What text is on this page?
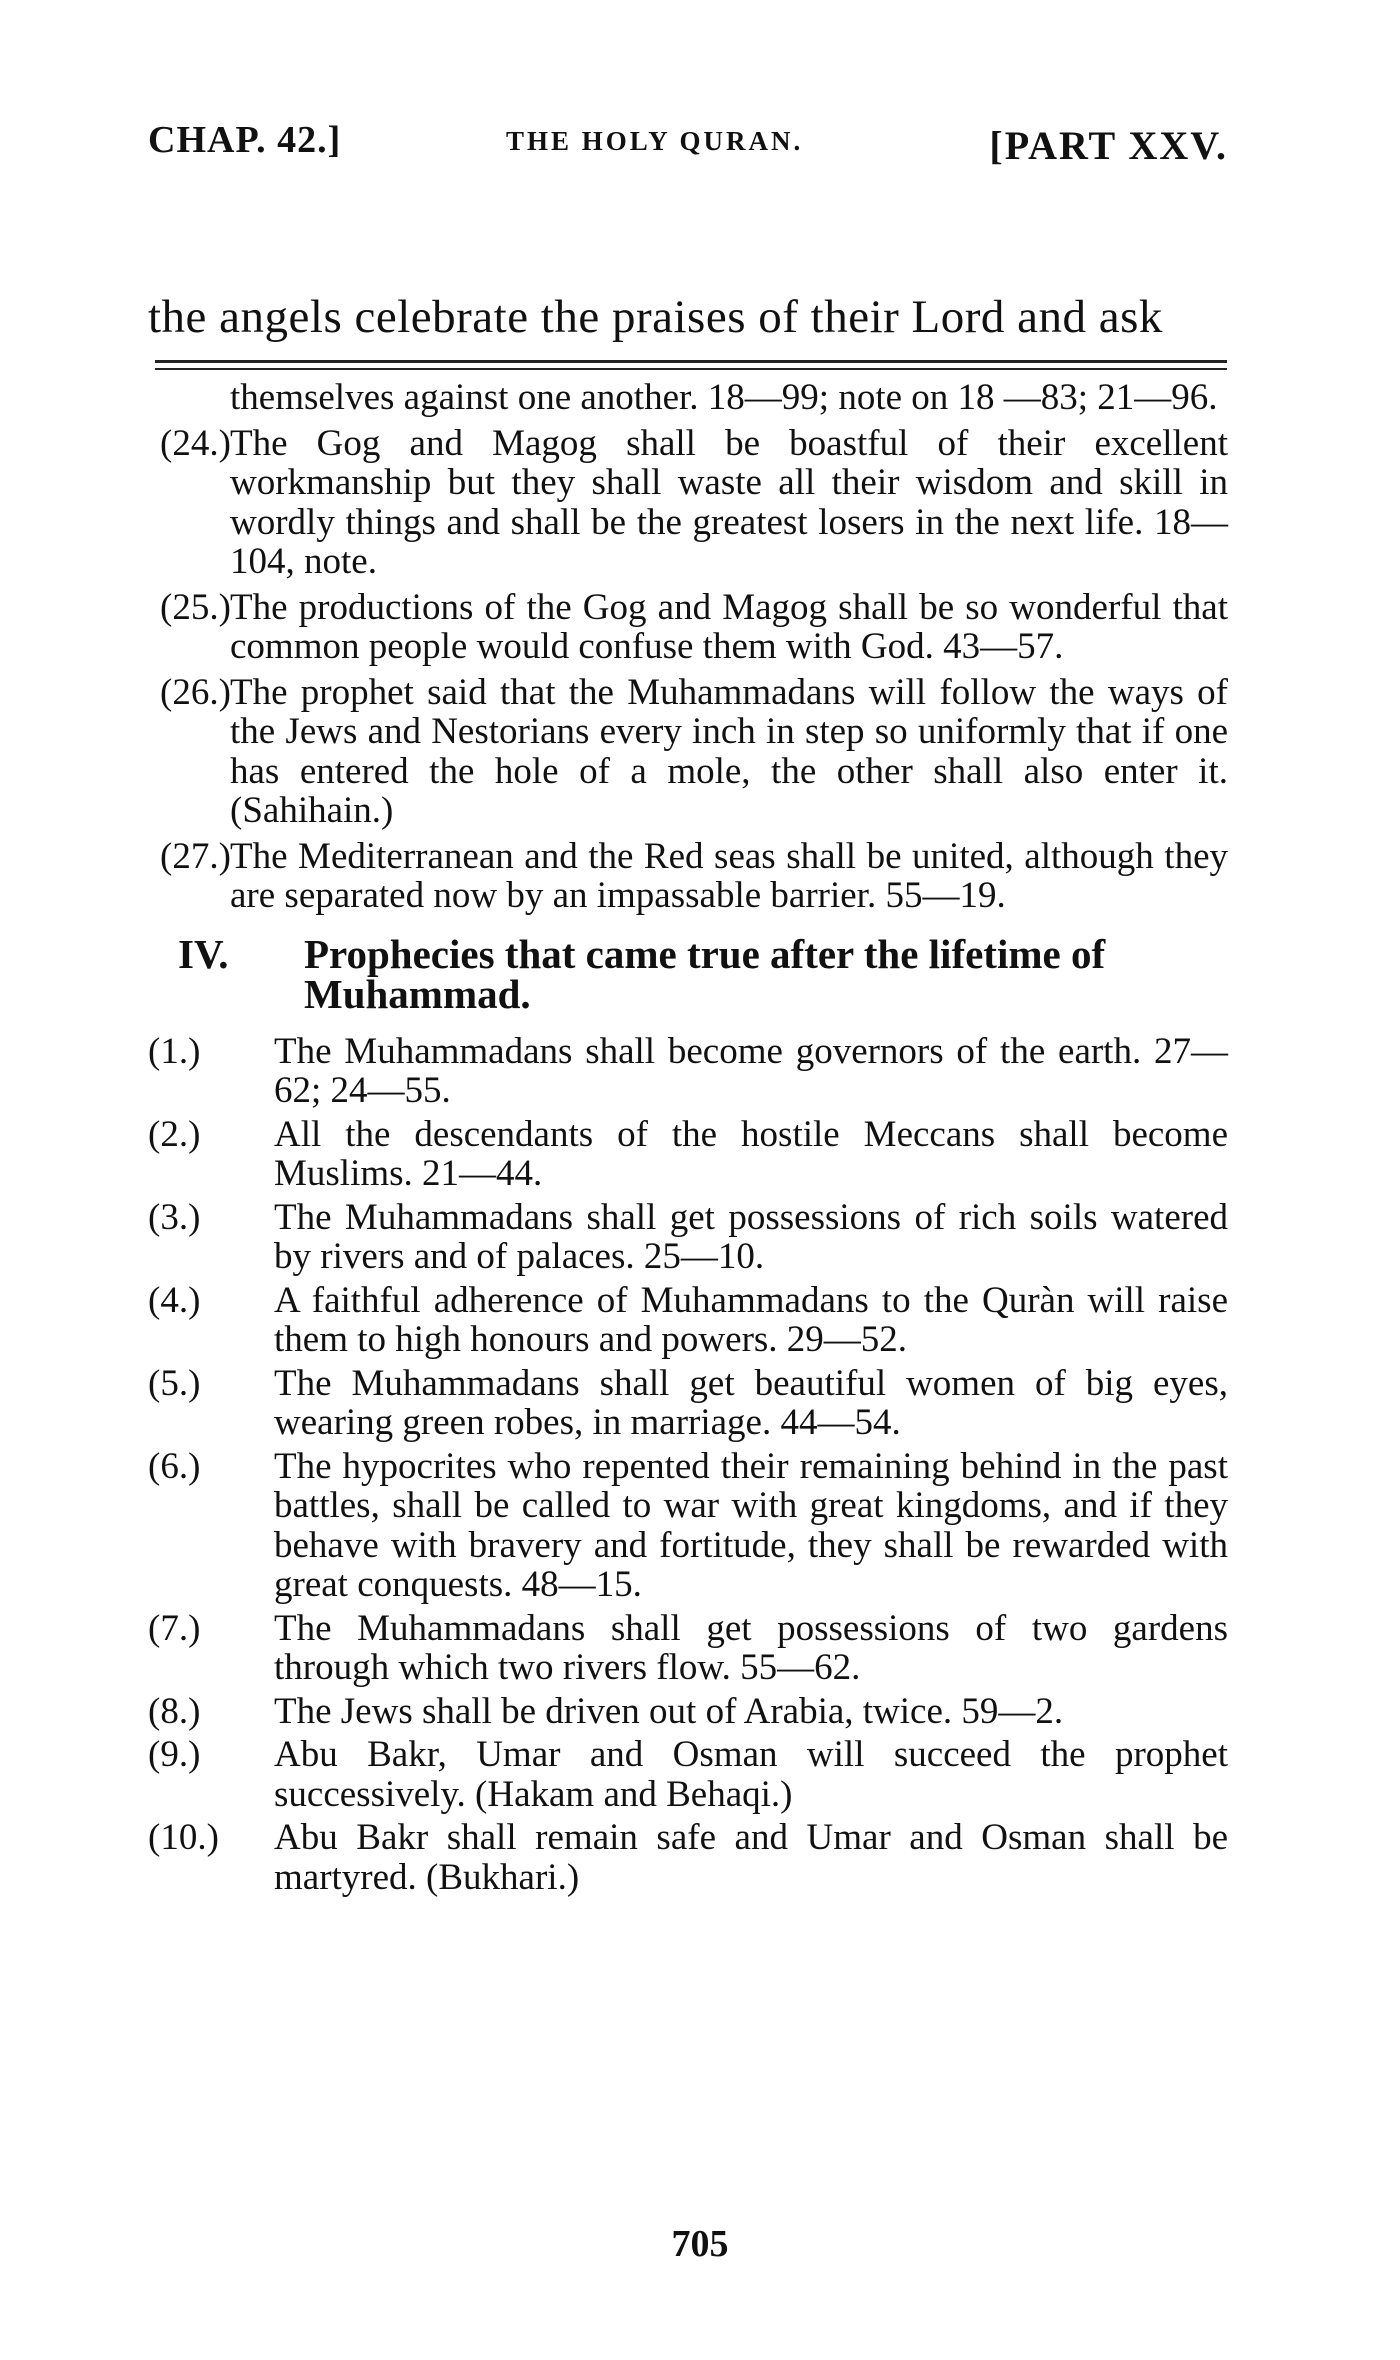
CHAP. 42.]	THE HOLY QURAN.	[PART XXV.
the angels celebrate the praises of their Lord and ask

themselves against one another. 18—99; note on 18 —83; 21—96.

(24.) The Gog and Magog shall be boastful of their excellent workmanship but they shall waste all their wisdom and skill in wordly things and shall be the greatest losers in the next life. 18—104, note.
(25.) The productions of the Gog and Magog shall be so wonderful that common people would confuse them with God. 43—57.
(26.) The prophet said that the Muhammadans will follow the ways of the Jews and Nestorians every inch in step so uniformly that if one has entered the hole of a mole, the other shall also enter it. (Sahihain.)
(27.) The Mediterranean and the Red seas shall be united, although they are separated now by an impassable barrier. 55—19.
IV. Prophecies that came true after the lifetime of Muhammad.
(1.) The Muhammadans shall become governors of the earth. 27—62; 24—55.
(2.) All the descendants of the hostile Meccans shall become Muslims. 21—44.
(3.) The Muhammadans shall get possessions of rich soils watered by rivers and of palaces. 25—10.
(4.) A faithful adherence of Muhammadans to the Quràn will raise them to high honours and powers. 29—52.
(5.) The Muhammadans shall get beautiful women of big eyes, wearing green robes, in marriage. 44—54.
(6.) The hypocrites who repented their remaining behind in the past battles, shall be called to war with great kingdoms, and if they behave with bravery and fortitude, they shall be rewarded with great conquests. 48—15.
(7.) The Muhammadans shall get possessions of two gardens through which two rivers flow. 55—62.
(8.) The Jews shall be driven out of Arabia, twice. 59—2.
(9.) Abu Bakr, Umar and Osman will succeed the prophet successively. (Hakam and Behaqi.)
(10.) Abu Bakr shall remain safe and Umar and Osman shall be martyred. (Bukhari.)
705
